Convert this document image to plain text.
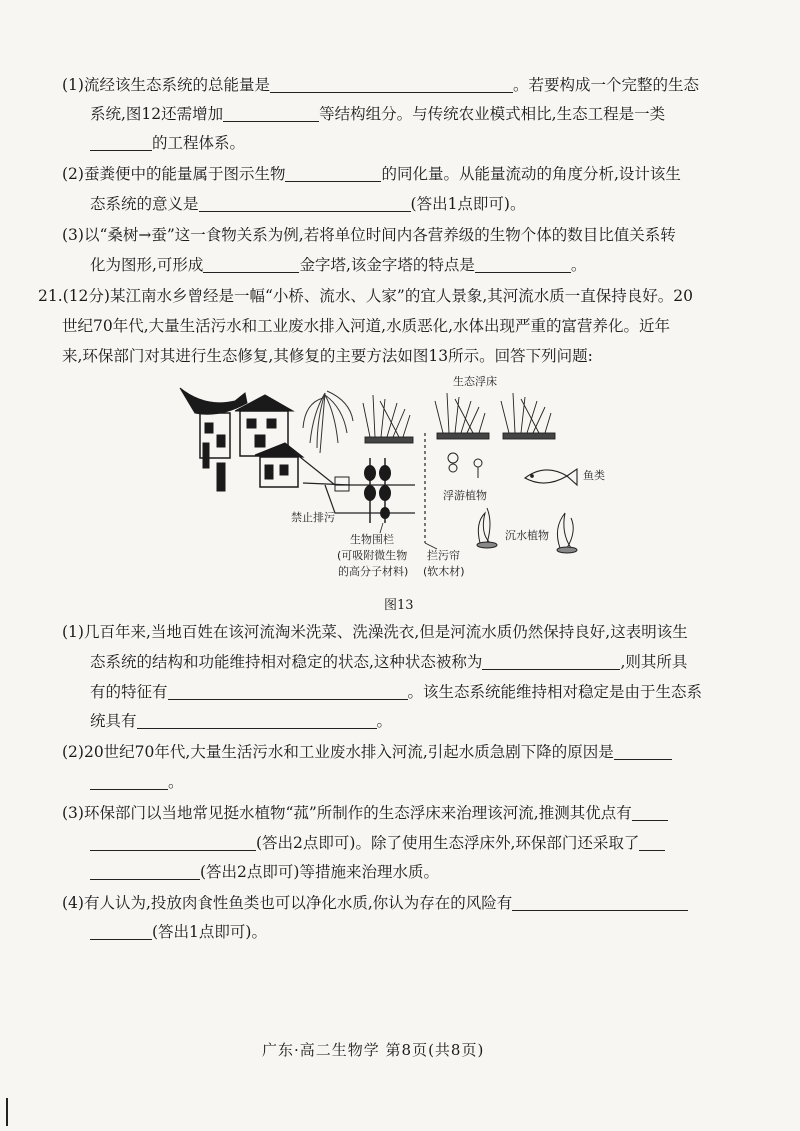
(1)流经该生态系统的总能量是	。若要构成一个完整的生态
系统,图12还需增加	等结构组分。与传统农业模式相比,生态工程是一类
的工程体系。
(2)蚕粪便中的能量属于图示生物	的同化量。从能量流动的角度分析,设计该生
态系统的意义是	(答出1点即可)。
(3)以“桑树→蚕”这一食物关系为例,若将单位时间内各营养级的生物个体的数目比值关系转
化为图形,可形成	金字塔,该金字塔的特点是	。
21.(12分)某江南水乡曾经是一幅“小桥、流水、人家”的宜人景象,其河流水质一直保持良好。20
世纪70年代,大量生活污水和工业废水排入河道,水质恶化,水体出现严重的富营养化。近年
来,环保部门对其进行生态修复,其修复的主要方法如图13所示。回答下列问题:
生态浮床
鱼类
浮游植物
禁止排污
沉水植物
生物围栏
(可吸附微生物
的高分子材料)
拦污帘
(软木材)
图13
(1)几百年来,当地百姓在该河流淘米洗菜、洗澡洗衣,但是河流水质仍然保持良好,这表明该生
态系统的结构和功能维持相对稳定的状态,这种状态被称为	,则其所具
有的特征有	。该生态系统能维持相对稳定是由于生态系
统具有	。
(2)20世纪70年代,大量生活污水和工业废水排入河流,引起水质急剧下降的原因是
。
(3)环保部门以当地常见挺水植物“菰”所制作的生态浮床来治理该河流,推测其优点有
(答出2点即可)。除了使用生态浮床外,环保部门还采取了
(答出2点即可)等措施来治理水质。
(4)有人认为,投放肉食性鱼类也可以净化水质,你认为存在的风险有
(答出1点即可)。
广东·高二生物学 第8页(共8页)
